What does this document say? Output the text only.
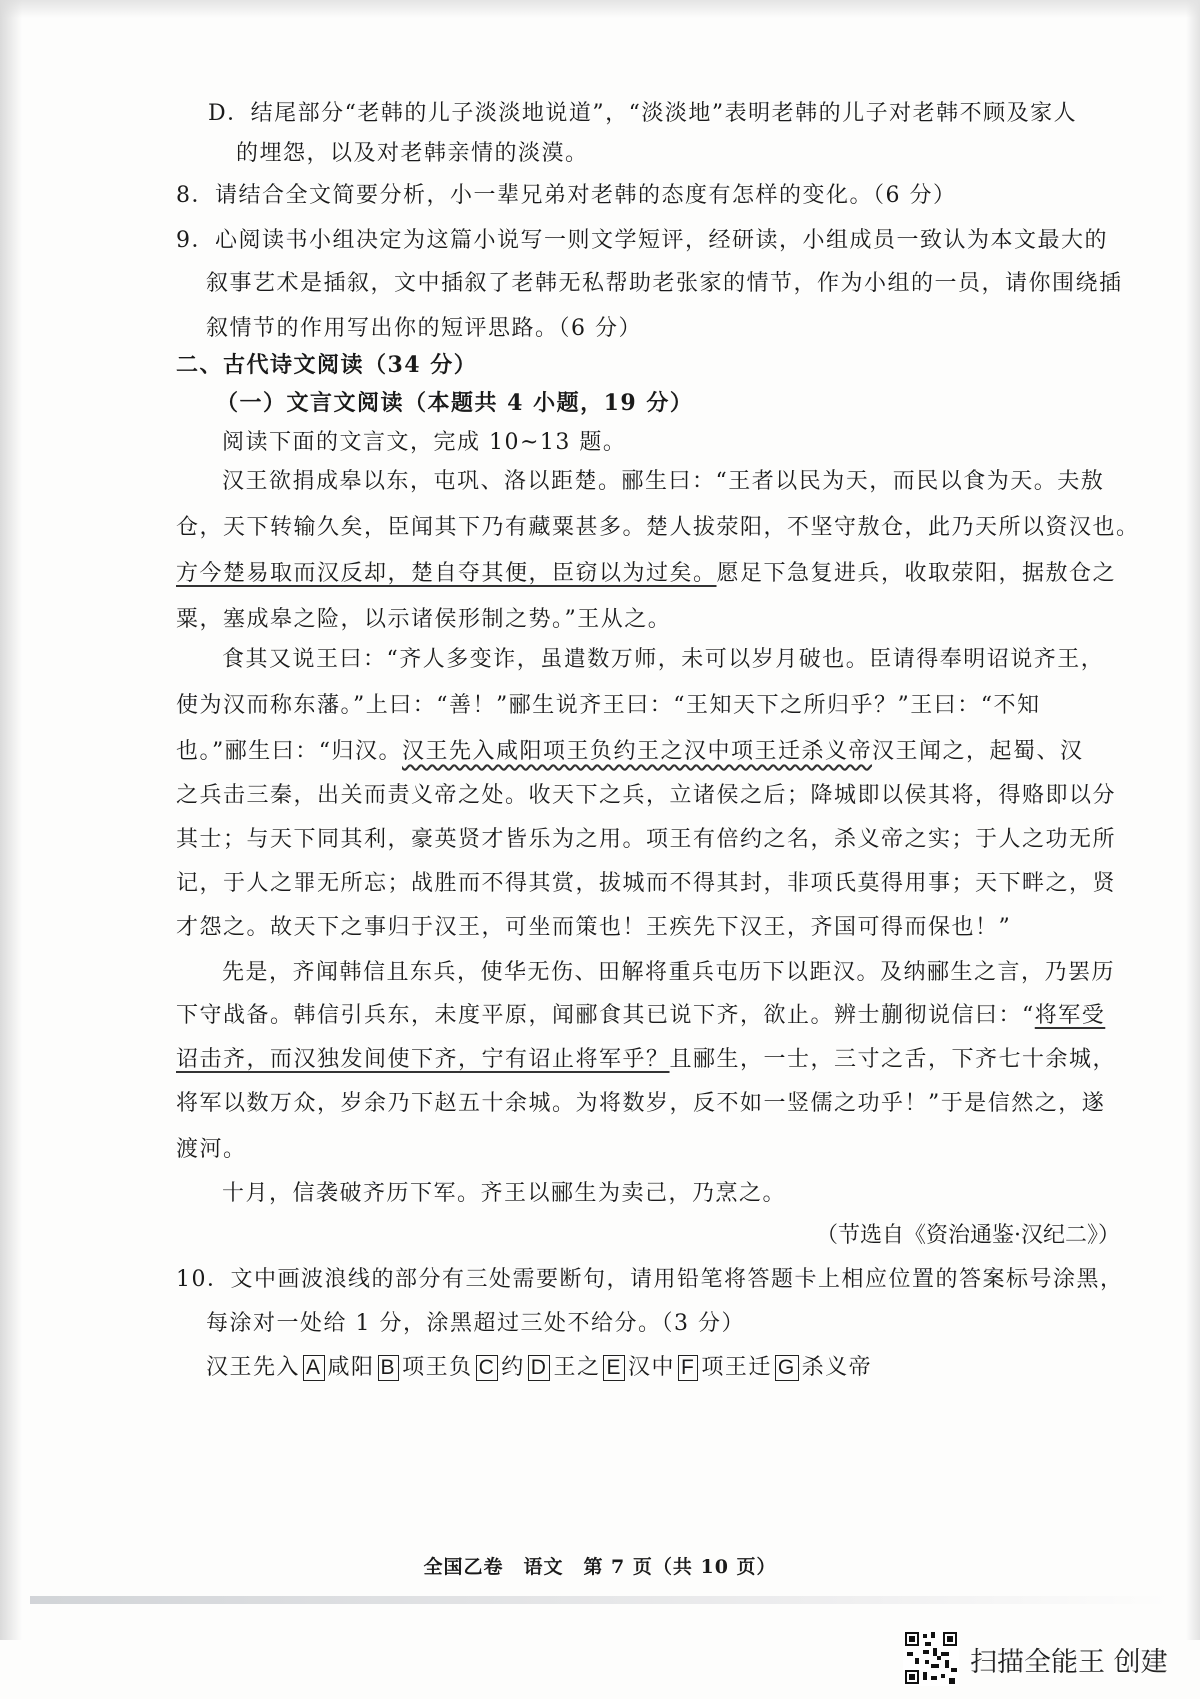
D．结尾部分“老韩的儿子淡淡地说道”，“淡淡地”表明老韩的儿子对老韩不顾及家人
的埋怨，以及对老韩亲情的淡漠。
8．请结合全文简要分析，小一辈兄弟对老韩的态度有怎样的变化。（6 分）
9．心阅读书小组决定为这篇小说写一则文学短评，经研读，小组成员一致认为本文最大的
叙事艺术是插叙，文中插叙了老韩无私帮助老张家的情节，作为小组的一员，请你围绕插
叙情节的作用写出你的短评思路。（6 分）
二、古代诗文阅读（34 分）
（一）文言文阅读（本题共 4 小题，19 分）
阅读下面的文言文，完成 10~13 题。
汉王欲捐成皋以东，屯巩、洛以距楚。郦生曰：“王者以民为天，而民以食为天。夫敖
仓，天下转输久矣，臣闻其下乃有藏粟甚多。楚人拔荥阳，不坚守敖仓，此乃天所以资汉也。
方今楚易取而汉反却，楚自夺其便，臣窃以为过矣。愿足下急复进兵，收取荥阳，据敖仓之
粟，塞成皋之险，以示诸侯形制之势。”王从之。
食其又说王曰：“齐人多变诈，虽遣数万师，未可以岁月破也。臣请得奉明诏说齐王，
使为汉而称东藩。”上曰：“善！”郦生说齐王曰：“王知天下之所归乎？”王曰：“不知
也。”郦生曰：“归汉。汉王先入咸阳项王负约王之汉中项王迁杀义帝汉王闻之，起蜀、汉
之兵击三秦，出关而责义帝之处。收天下之兵，立诸侯之后；降城即以侯其将，得赂即以分
其士；与天下同其利，豪英贤才皆乐为之用。项王有倍约之名，杀义帝之实；于人之功无所
记，于人之罪无所忘；战胜而不得其赏，拔城而不得其封，非项氏莫得用事；天下畔之，贤
才怨之。故天下之事归于汉王，可坐而策也！王疾先下汉王，齐国可得而保也！”
先是，齐闻韩信且东兵，使华无伤、田解将重兵屯历下以距汉。及纳郦生之言，乃罢历
下守战备。韩信引兵东，未度平原，闻郦食其已说下齐，欲止。辨士蒯彻说信曰：“将军受
诏击齐，而汉独发间使下齐，宁有诏止将军乎？且郦生，一士，三寸之舌，下齐七十余城，
将军以数万众，岁余乃下赵五十余城。为将数岁，反不如一竖儒之功乎！”于是信然之，遂
渡河。
十月，信袭破齐历下军。齐王以郦生为卖己，乃烹之。
（节选自《资治通鉴·汉纪二》）
10．文中画波浪线的部分有三处需要断句，请用铅笔将答题卡上相应位置的答案标号涂黑，
每涂对一处给 1 分，涂黑超过三处不给分。（3 分）
汉王先入 A 咸阳 B 项王负 C 约 D 王之 E 汉中 F 项王迁 G 杀义帝
全国乙卷　语文　第 7 页（共 10 页）
扫描全能王 创建
